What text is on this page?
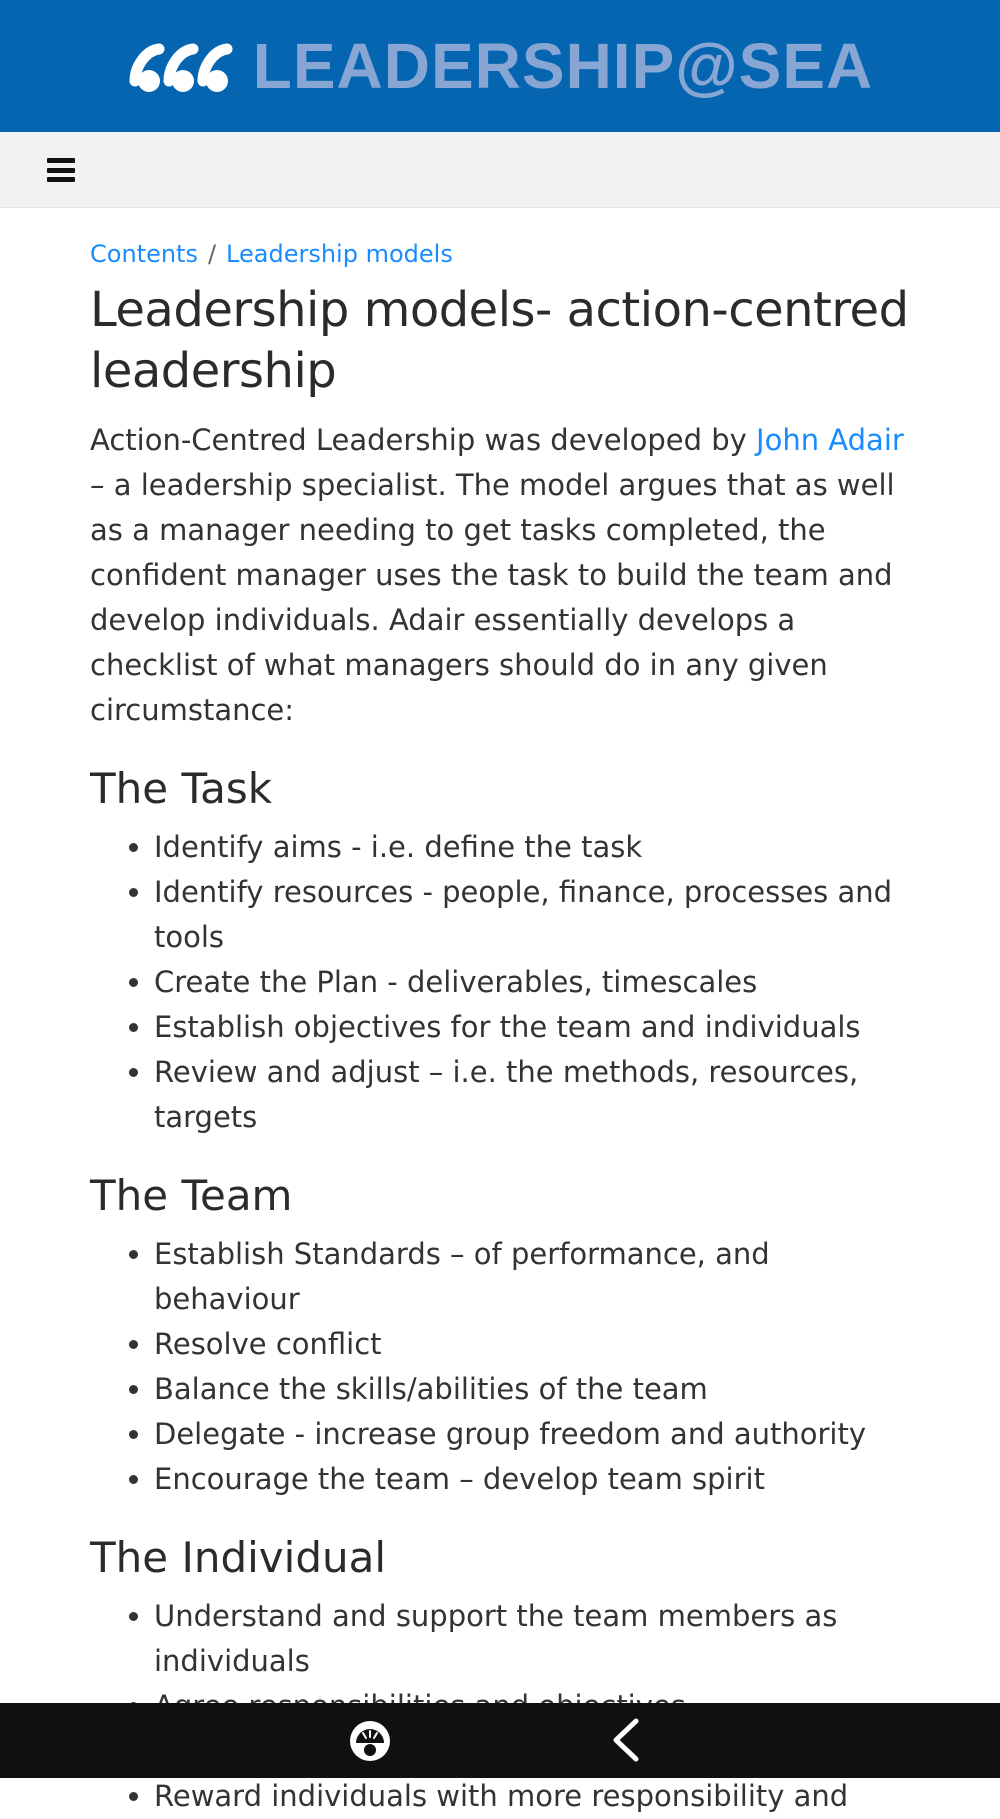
LEADERSHIP@SEA
Contents / Leadership models
Leadership models- action-centred leadership

Action-Centred Leadership was developed by John Adair – a leadership specialist. The model argues that as well as a manager needing to get tasks completed, the confident manager uses the task to build the team and develop individuals. Adair essentially develops a checklist of what managers should do in any given circumstance:

The Task
• Identify aims - i.e. define the task
• Identify resources - people, finance, processes and tools
• Create the Plan - deliverables, timescales
• Establish objectives for the team and individuals
• Review and adjust – i.e. the methods, resources, targets
The Team
• Establish Standards – of performance, and behaviour
• Resolve conflict
• Balance the skills/abilities of the team
• Delegate - increase group freedom and authority
• Encourage the team – develop team spirit
The Individual
• Understand and support the team members as individuals
•
•
• Reward individuals with more responsibility and
